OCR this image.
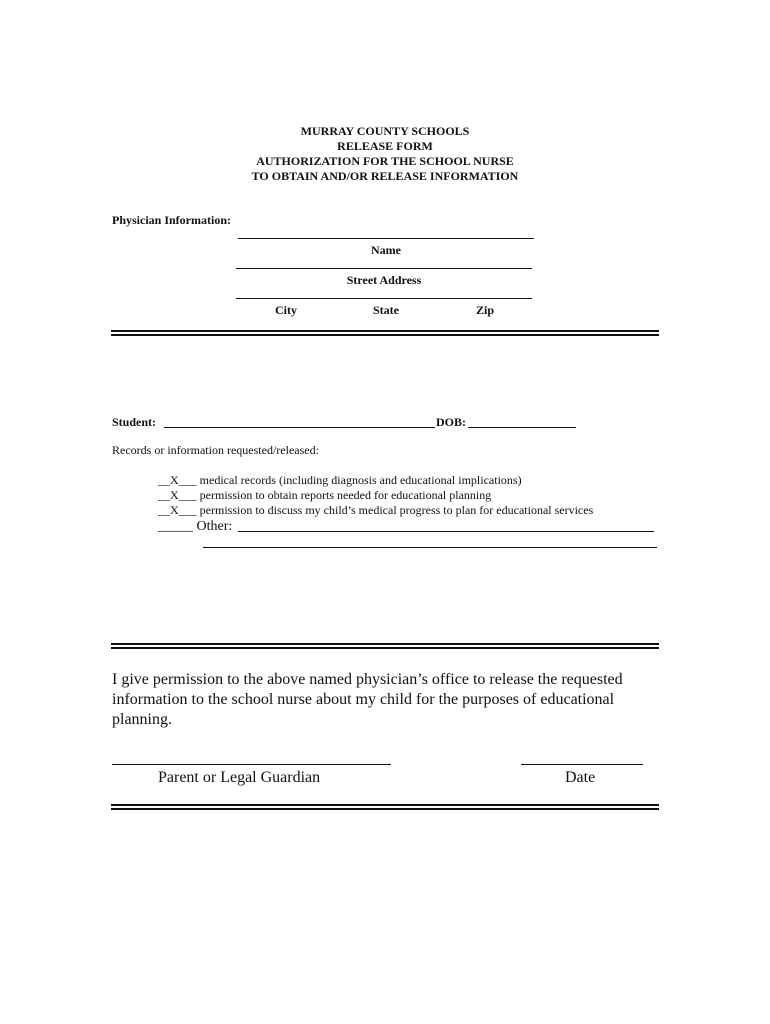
MURRAY COUNTY SCHOOLS
RELEASE FORM
AUTHORIZATION FOR THE SCHOOL NURSE
TO OBTAIN AND/OR RELEASE INFORMATION
Physician Information:
Name
Street Address
City	State	Zip
Student:	DOB:
Records or information requested/released:
__X___ medical records (including diagnosis and educational implications)
__X___ permission to obtain reports needed for educational planning
__X___ permission to discuss my child’s medical progress to plan for educational services
_____ Other:
I give permission to the above named physician’s office to release the requested information to the school nurse about my child for the purposes of educational planning.
Parent or Legal Guardian	Date
